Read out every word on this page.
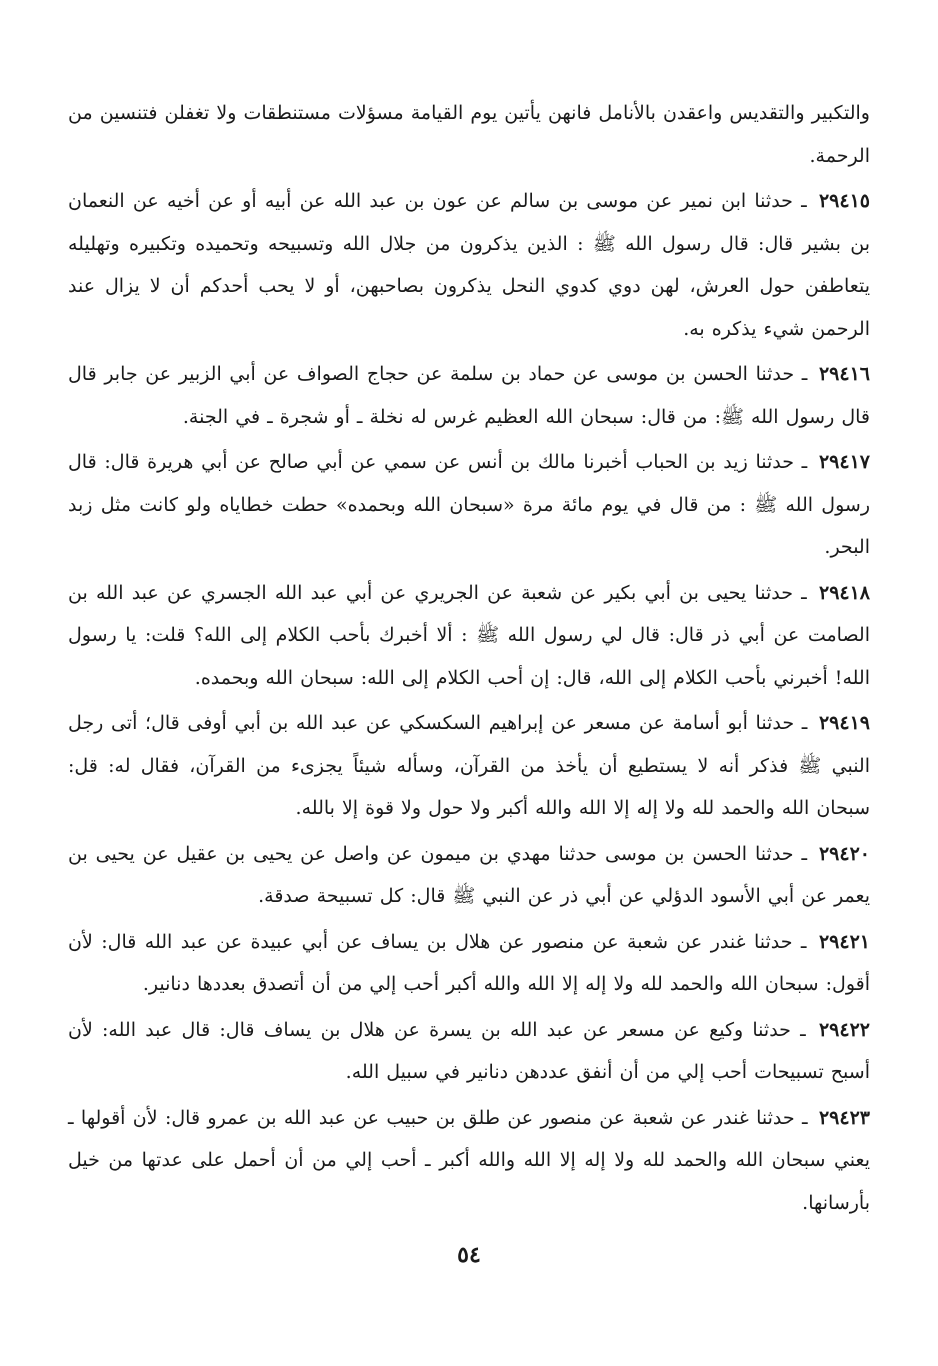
والتكبير والتقديس واعقدن بالأنامل فانهن يأتين يوم القيامة مسؤلات مستنطقات ولا تغفلن فتنسين من الرحمة.

٢٩٤١٥ ـ حدثنا ابن نمير عن موسى بن سالم عن عون بن عبد الله عن أبيه أو عن أخيه عن النعمان بن بشير قال: قال رسول الله ﷺ : الذين يذكرون من جلال الله وتسبيحه وتحميده وتكبيره وتهليله يتعاطفن حول العرش، لهن دوي كدوي النحل يذكرون بصاحبهن، أو لا يحب أحدكم أن لا يزال عند الرحمن شيء يذكره به.

٢٩٤١٦ ـ حدثنا الحسن بن موسى عن حماد بن سلمة عن حجاج الصواف عن أبي الزبير عن جابر قال قال رسول الله ﷺ: من قال: سبحان الله العظيم غرس له نخلة ـ أو شجرة ـ في الجنة.

٢٩٤١٧ ـ حدثنا زيد بن الحباب أخبرنا مالك بن أنس عن سمي عن أبي صالح عن أبي هريرة قال: قال رسول الله ﷺ : من قال في يوم مائة مرة «سبحان الله وبحمده» حطت خطاياه ولو كانت مثل زبد البحر.

٢٩٤١٨ ـ حدثنا يحيى بن أبي بكير عن شعبة عن الجريري عن أبي عبد الله الجسري عن عبد الله بن الصامت عن أبي ذر قال: قال لي رسول الله ﷺ : ألا أخبرك بأحب الكلام إلى الله؟ قلت: يا رسول الله! أخبرني بأحب الكلام إلى الله، قال: إن أحب الكلام إلى الله: سبحان الله وبحمده.

٢٩٤١٩ ـ حدثنا أبو أسامة عن مسعر عن إبراهيم السكسكي عن عبد الله بن أبي أوفى قال؛ أتى رجل النبي ﷺ فذكر أنه لا يستطيع أن يأخذ من القرآن، وسأله شيئاً يجزىء من القرآن، فقال له: قل: سبحان الله والحمد لله ولا إله إلا الله والله أكبر ولا حول ولا قوة إلا بالله.

٢٩٤٢٠ ـ حدثنا الحسن بن موسى حدثنا مهدي بن ميمون عن واصل عن يحيى بن عقيل عن يحيى بن يعمر عن أبي الأسود الدؤلي عن أبي ذر عن النبي ﷺ قال: كل تسبيحة صدقة.

٢٩٤٢١ ـ حدثنا غندر عن شعبة عن منصور عن هلال بن يساف عن أبي عبيدة عن عبد الله قال: لأن أقول: سبحان الله والحمد لله ولا إله إلا الله والله أكبر أحب إلي من أن أتصدق بعددها دنانير.

٢٩٤٢٢ ـ حدثنا وكيع عن مسعر عن عبد الله بن يسرة عن هلال بن يساف قال: قال عبد الله: لأن أسبح تسبيحات أحب إلي من أن أنفق عددهن دنانير في سبيل الله.

٢٩٤٢٣ ـ حدثنا غندر عن شعبة عن منصور عن طلق بن حبيب عن عبد الله بن عمرو قال: لأن أقولها ـ يعني سبحان الله والحمد لله ولا إله إلا الله والله أكبر ـ أحب إلي من أن أحمل على عدتها من خيل بأرسانها.

٥٤
